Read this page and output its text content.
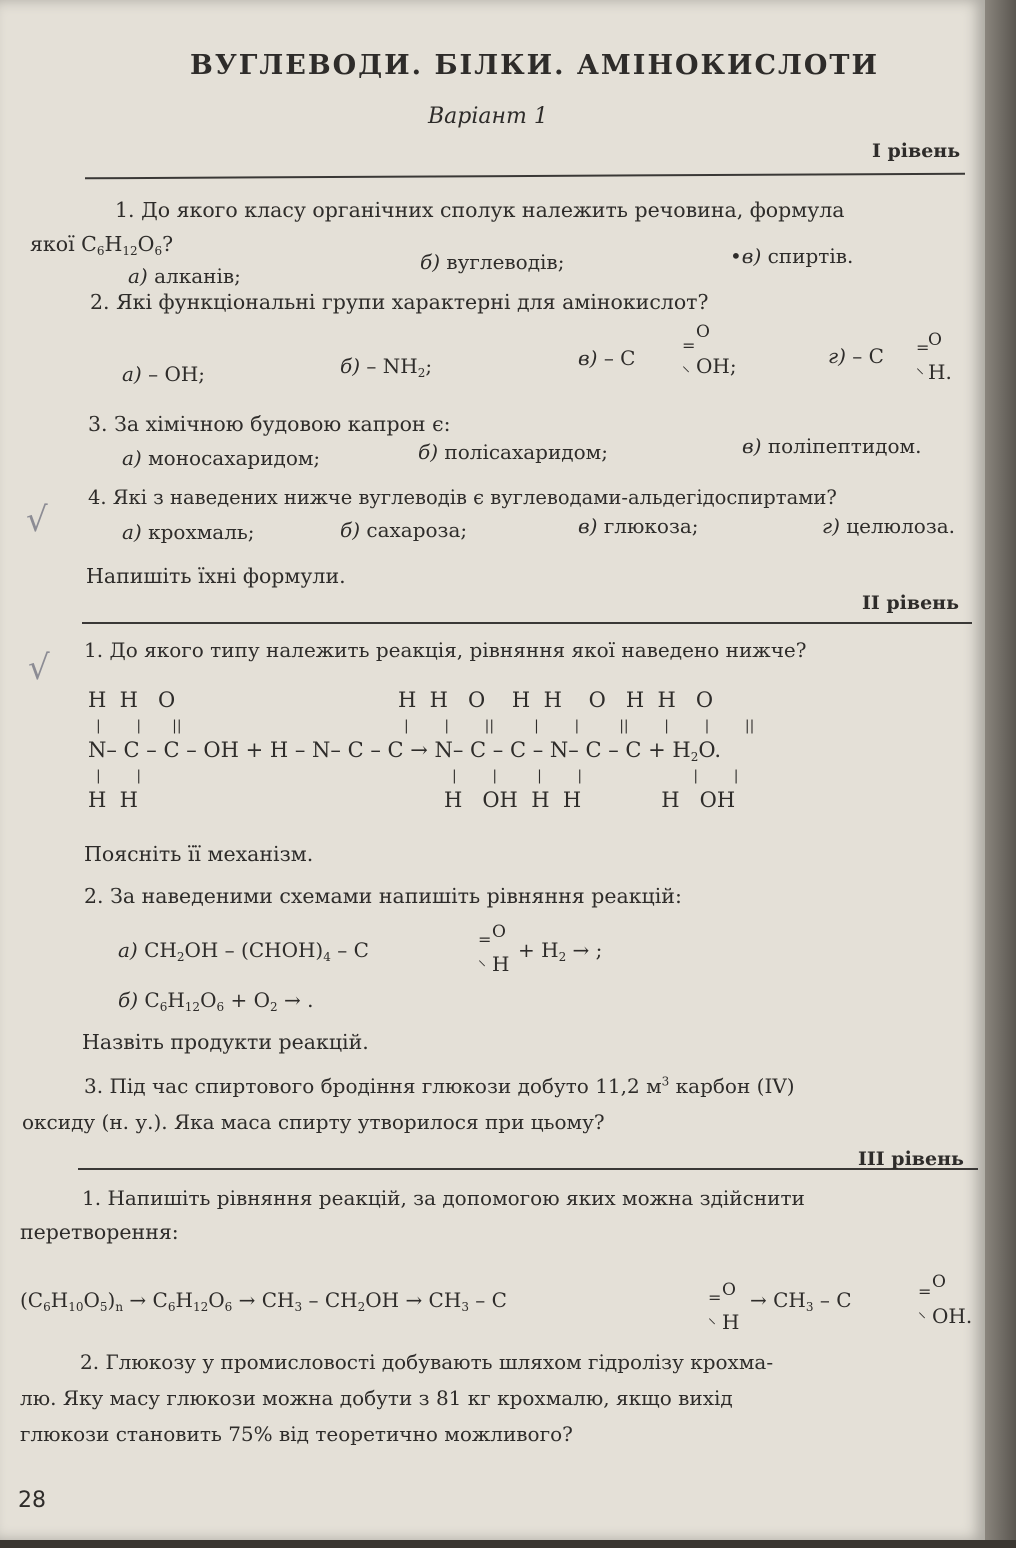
ВУГЛЕВОДИ. БІЛКИ. АМІНОКИСЛОТИ
Варіант 1
I рівень
1. До якого класу органічних сполук належить речовина, формула
якої $C_6H_{12}O_6$?
а) алканів;
б) вуглеводів;	•в) спиртів.
2. Які функціональні групи характерні для амінокислот?
а) – OH;	$б) - NH_2$;	в) – C
O
=
⸜ OH;	г) – C
O
=
⸜ H.
3. За хімічною будовою капрон є:
а) моносахаридом;	б) полісахаридом;	в) поліпептидом.
√
4. Які з наведених нижче вуглеводів є вуглеводами-альдегідоспиртами?
а) крохмаль;	б) сахароза;	в) глюкоза;	г) целюлоза.
Напишіть їхні формули.
II рівень
√ 1. До якого типу належить реакція, рівняння якої наведено нижче?
H  H   O
|        |       ||
N– C – C – OH + H – N– C – C → N– C – C – N– $C - C + H_2O$.
|        |
H  H
H  H   O    H  H    O   H  H   O
|        |        ||         |        |         ||        |        |        ||
|        |         |        |                         |        |
H   OH  H  H            H   OH
Поясніть її механізм.
2. За наведеними схемами напишіть рівняння реакцій:
а) $CH_2OH$ – $(CHOH)_4$ – C
O
=
⸜ H
+ $H_2$ → ;
б) $C_6H_{12}O_6 + O_2$ → .
Назвіть продукти реакцій.
3. Під час спиртового бродіння глюкози добуто 11,2 $м^3$ карбон (IV)
оксиду (н. у.). Яка маса спирту утворилося при цьому?
III рівень
1. Напишіть рівняння реакцій, за допомогою яких можна здійснити
перетворення:
$(C_6H_{10}O_5)_n \to C_6H_{12}O_6 \to CH_3 - CH_2OH \to CH_3 - C$	O
=
⸜ H
→ $CH_3$ – C
O
=
⸜ OH.
2. Глюкозу у промисловості добувають шляхом гідролізу крохма-
лю. Яку масу глюкози можна добути з 81 кг крохмалю, якщо вихід
глюкози становить 75% від теоретично можливого?
28
